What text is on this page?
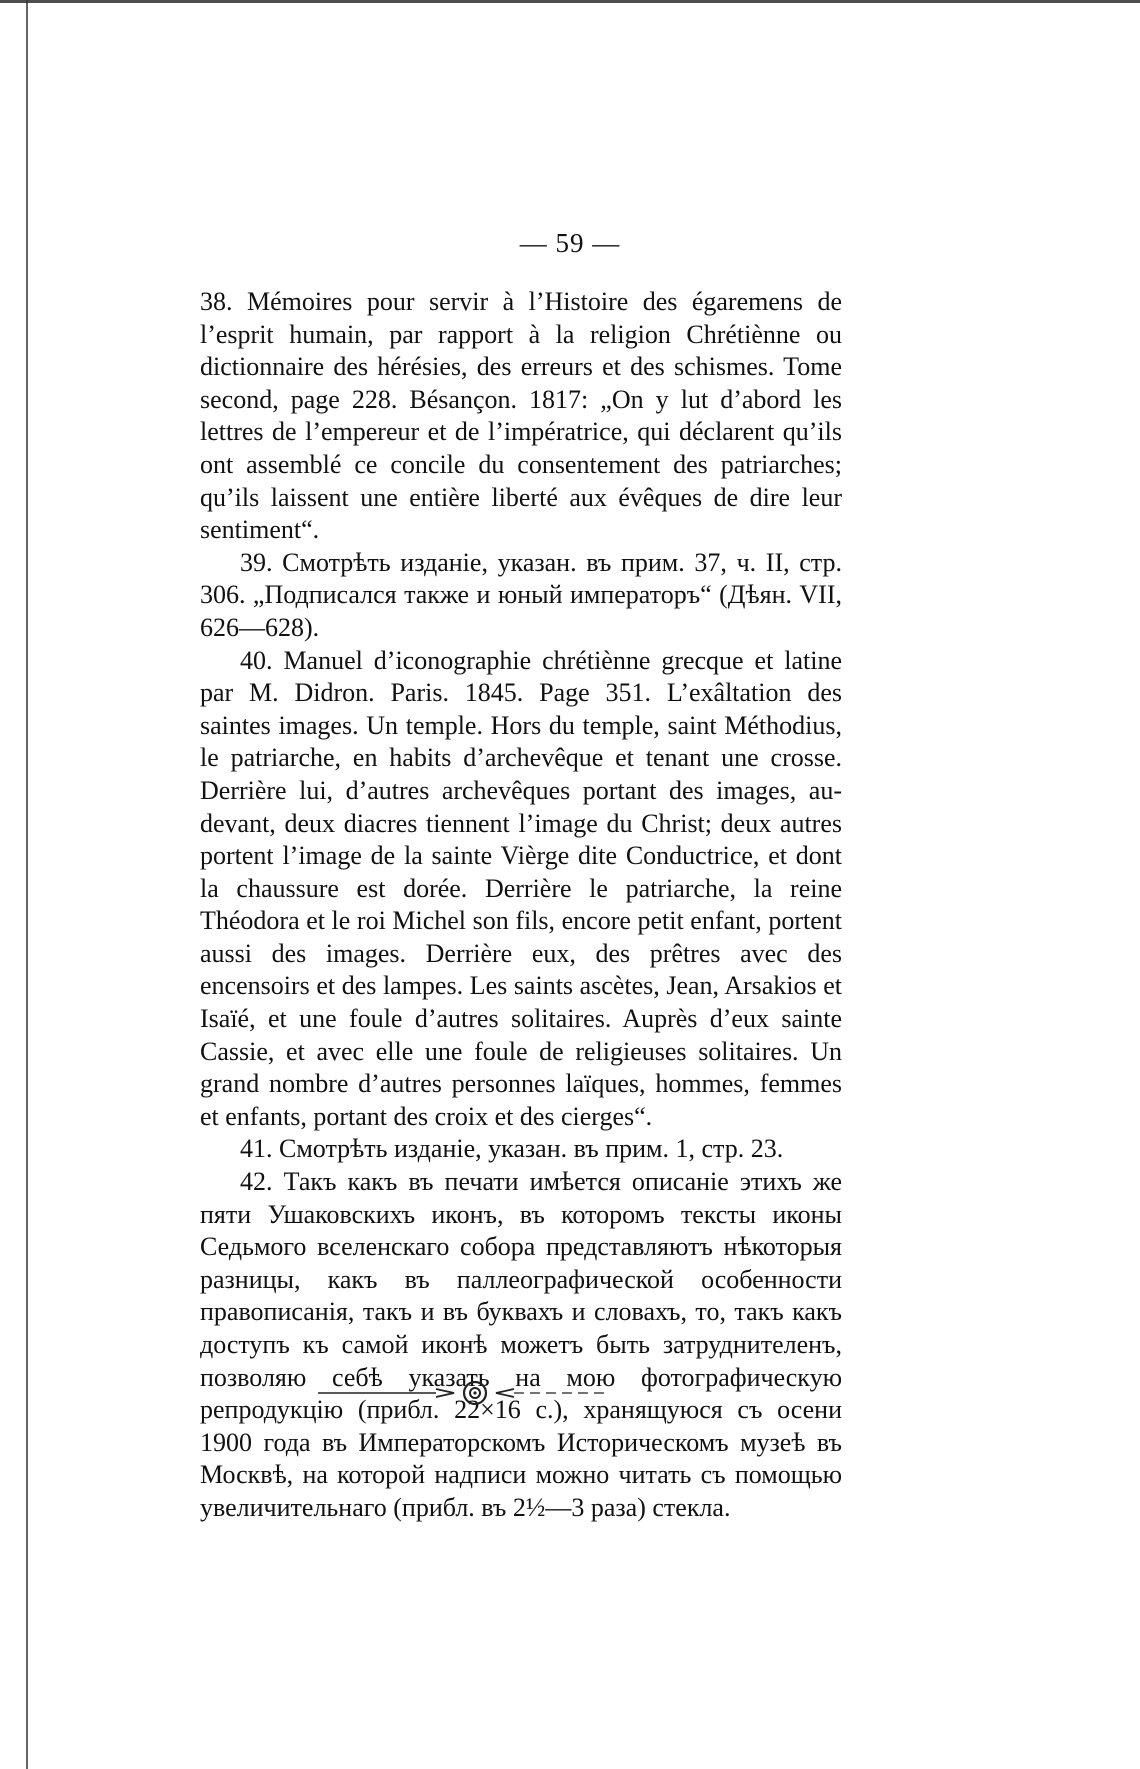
— 59 —

38. Mémoires pour servir à l’Histoire des égaremens de l’esprit humain, par rapport à la religion Chrétiènne ou dictionnaire des hérésies, des erreurs et des schismes. Tome second, page 228. Bésançon. 1817: „On y lut d’abord les lettres de l’empereur et de l’impératrice, qui déclarent qu’ils ont assemblé ce concile du consentement des patriarches; qu’ils laissent une entière liberté aux évêques de dire leur sentiment“.

39. Смотрѣть изданіе, указан. въ прим. 37, ч. II, стр. 306. „Подписался также и юный императоръ“ (Дѣян. VII, 626—628).

40. Manuel d’iconographie chrétiènne grecque et latine par M. Didron. Paris. 1845. Page 351. L’exâltation des saintes images. Un temple. Hors du temple, saint Méthodius, le patriarche, en habits d’archevêque et tenant une crosse. Derrière lui, d’autres archevêques portant des images, au-devant, deux diacres tiennent l’image du Christ; deux autres portent l’image de la sainte Vièrge dite Conductrice, et dont la chaussure est dorée. Derrière le patriarche, la reine Théodora et le roi Michel son fils, encore petit enfant, portent aussi des images. Derrière eux, des prêtres avec des encensoirs et des lampes. Les saints ascètes, Jean, Arsakios et Isaïé, et une foule d’autres solitaires. Auprès d’eux sainte Cassie, et avec elle une foule de religieuses solitaires. Un grand nombre d’autres personnes laïques, hommes, femmes et enfants, portant des croix et des cierges“.

41. Смотрѣть изданіе, указан. въ прим. 1, стр. 23.

42. Такъ какъ въ печати имѣется описаніе этихъ же пяти Ушаковскихъ иконъ, въ которомъ тексты иконы Седьмого вселенскаго собора представляютъ нѣкоторыя разницы, какъ въ паллеографической особенности правописанія, такъ и въ буквахъ и словахъ, то, такъ какъ доступъ къ самой иконѣ можетъ быть затруднителенъ, позволяю себѣ указать на мою фотографическую репродукцію (прибл. 22×16 с.), хранящуюся съ осени 1900 года въ Императорскомъ Историческомъ музеѣ въ Москвѣ, на которой надписи можно читать съ помощью увеличительнаго (прибл. въ 2½—3 раза) стекла.
